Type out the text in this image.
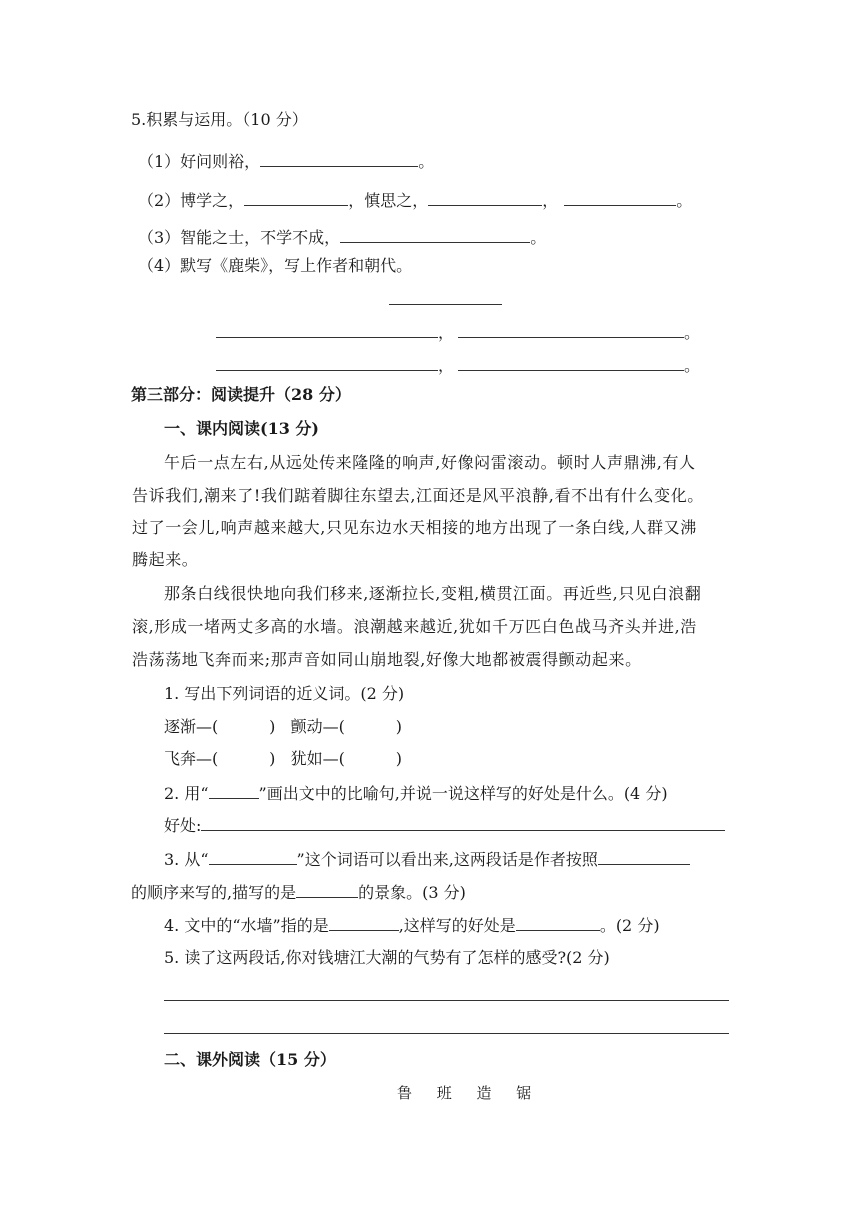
5.积累与运用。（10 分）
（1）好问则裕，	。
（2）博学之，	，慎思之，	，	。
（3）智能之士，不学不成，	。
（4）默写《鹿柴》，写上作者和朝代。
，	。
，	。
第三部分：阅读提升（28 分）
一、课内阅读(13 分)
午后一点左右,从远处传来隆隆的响声,好像闷雷滚动。顿时人声鼎沸,有人
告诉我们,潮来了!我们踮着脚往东望去,江面还是风平浪静,看不出有什么变化。
过了一会儿,响声越来越大,只见东边水天相接的地方出现了一条白线,人群又沸
腾起来。
那条白线很快地向我们移来,逐渐拉长,变粗,横贯江面。再近些,只见白浪翻
滚,形成一堵两丈多高的水墙。浪潮越来越近,犹如千万匹白色战马齐头并进,浩
浩荡荡地飞奔而来;那声音如同山崩地裂,好像大地都被震得颤动起来。
1. 写出下列词语的近义词。(2 分)
逐渐—(          )   颤动—(          )
飞奔—(          )   犹如—(          )
2. 用“	”画出文中的比喻句,并说一说这样写的好处是什么。(4 分)
好处:
3. 从“	”这个词语可以看出来,这两段话是作者按照
的顺序来写的,描写的是	的景象。(3 分)
4. 文中的“水墙”指的是	,这样写的好处是	。(2 分)
5. 读了这两段话,你对钱塘江大潮的气势有了怎样的感受?(2 分)
二、课外阅读（15 分）
鲁 班 造 锯
